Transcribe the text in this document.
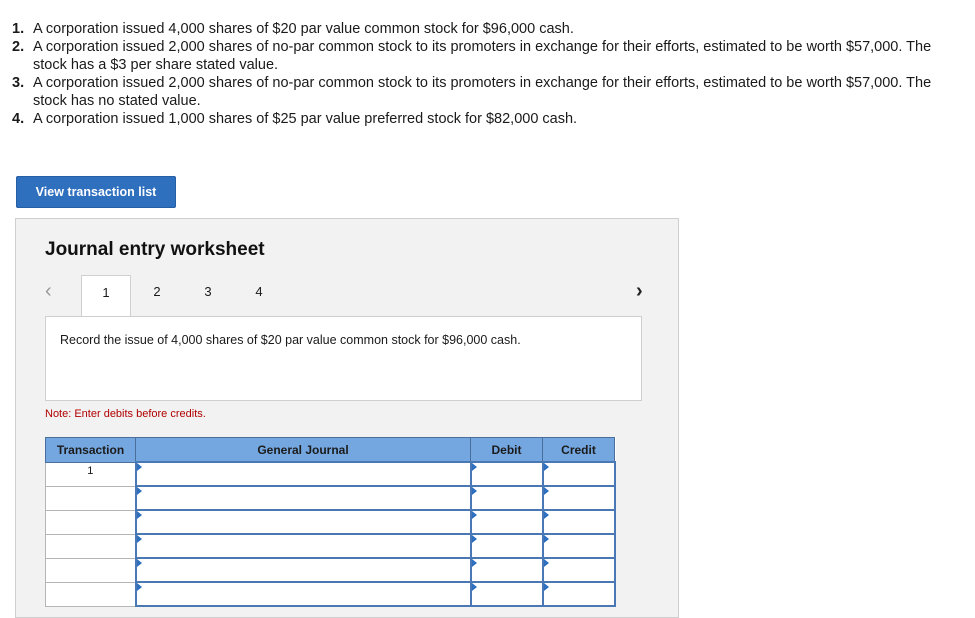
1. A corporation issued 4,000 shares of $20 par value common stock for $96,000 cash.
2. A corporation issued 2,000 shares of no-par common stock to its promoters in exchange for their efforts, estimated to be worth $57,000. The stock has a $3 per share stated value.
3. A corporation issued 2,000 shares of no-par common stock to its promoters in exchange for their efforts, estimated to be worth $57,000. The stock has no stated value.
4. A corporation issued 1,000 shares of $25 par value preferred stock for $82,000 cash.
View transaction list
Journal entry worksheet
‹	1	2	3	4	›
Record the issue of 4,000 shares of $20 par value common stock for $96,000 cash.
Note: Enter debits before credits.
Transaction	General Journal	Debit	Credit
1	
